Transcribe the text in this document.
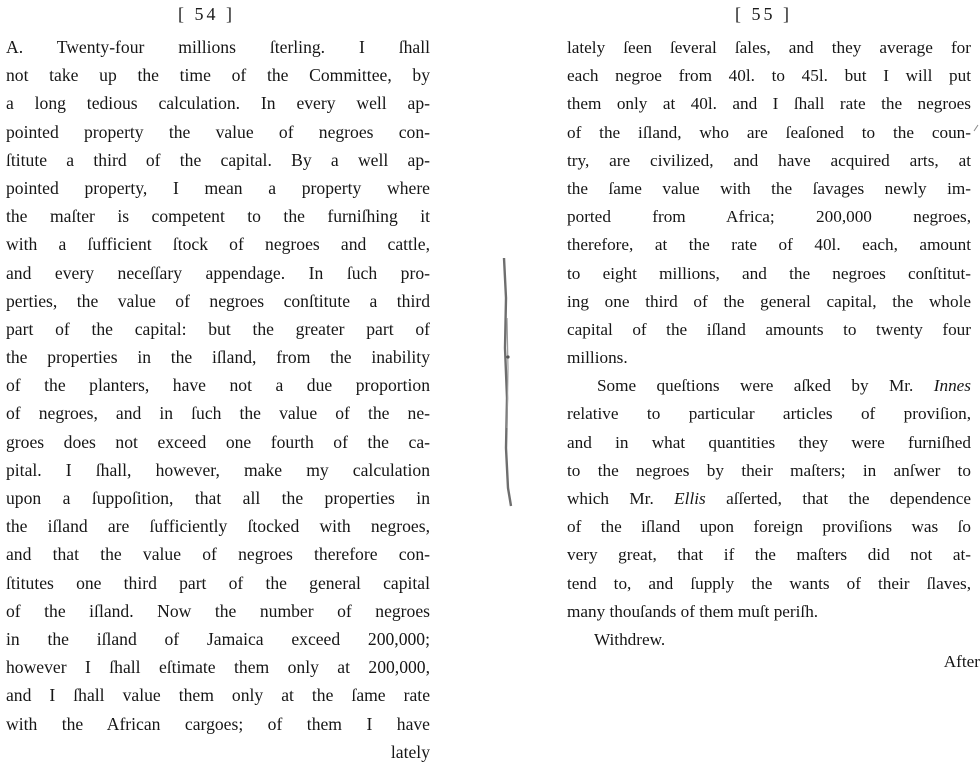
[ 54 ]
A. Twenty-four millions ſterling. I ſhall
not take up the time of the Committee, by
a long tedious calculation. In every well ap-
pointed property the value of negroes con-
ſtitute a third of the capital. By a well ap-
pointed property, I mean a property where
the maſter is competent to the furniſhing it
with a ſufficient ſtock of negroes and cattle,
and every neceſſary appendage. In ſuch pro-
perties, the value of negroes conſtitute a third
part of the capital: but the greater part of
the properties in the iſland, from the inability
of the planters, have not a due proportion
of negroes, and in ſuch the value of the ne-
groes does not exceed one fourth of the ca-
pital. I ſhall, however, make my calculation
upon a ſuppoſition, that all the properties in
the iſland are ſufficiently ſtocked with negroes,
and that the value of negroes therefore con-
ſtitutes one third part of the general capital
of the iſland. Now the number of negroes
in the iſland of Jamaica exceed 200,000;
however I ſhall eſtimate them only at 200,000,
and I ſhall value them only at the ſame rate
with the African cargoes; of them I have
lately
[ 55 ]
lately ſeen ſeveral ſales, and they average for
each negroe from 40l. to 45l. but I will put
them only at 40l. and I ſhall rate the negroes
of the iſland, who are ſeaſoned to the coun-
try, are civilized, and have acquired arts, at
the ſame value with the ſavages newly im-
ported from Africa; 200,000 negroes,
therefore, at the rate of 40l. each, amount
to eight millions, and the negroes conſtitut-
ing one third of the general capital, the whole
capital of the iſland amounts to twenty four
millions.
Some queſtions were aſked by Mr. Innes
relative to particular articles of proviſion,
and in what quantities they were furniſhed
to the negroes by their maſters; in anſwer to
which Mr. Ellis aſſerted, that the dependence
of the iſland upon foreign proviſions was ſo
very great, that if the maſters did not at-
tend to, and ſupply the wants of their ſlaves,
many thouſands of them muſt periſh.
Withdrew.
After
